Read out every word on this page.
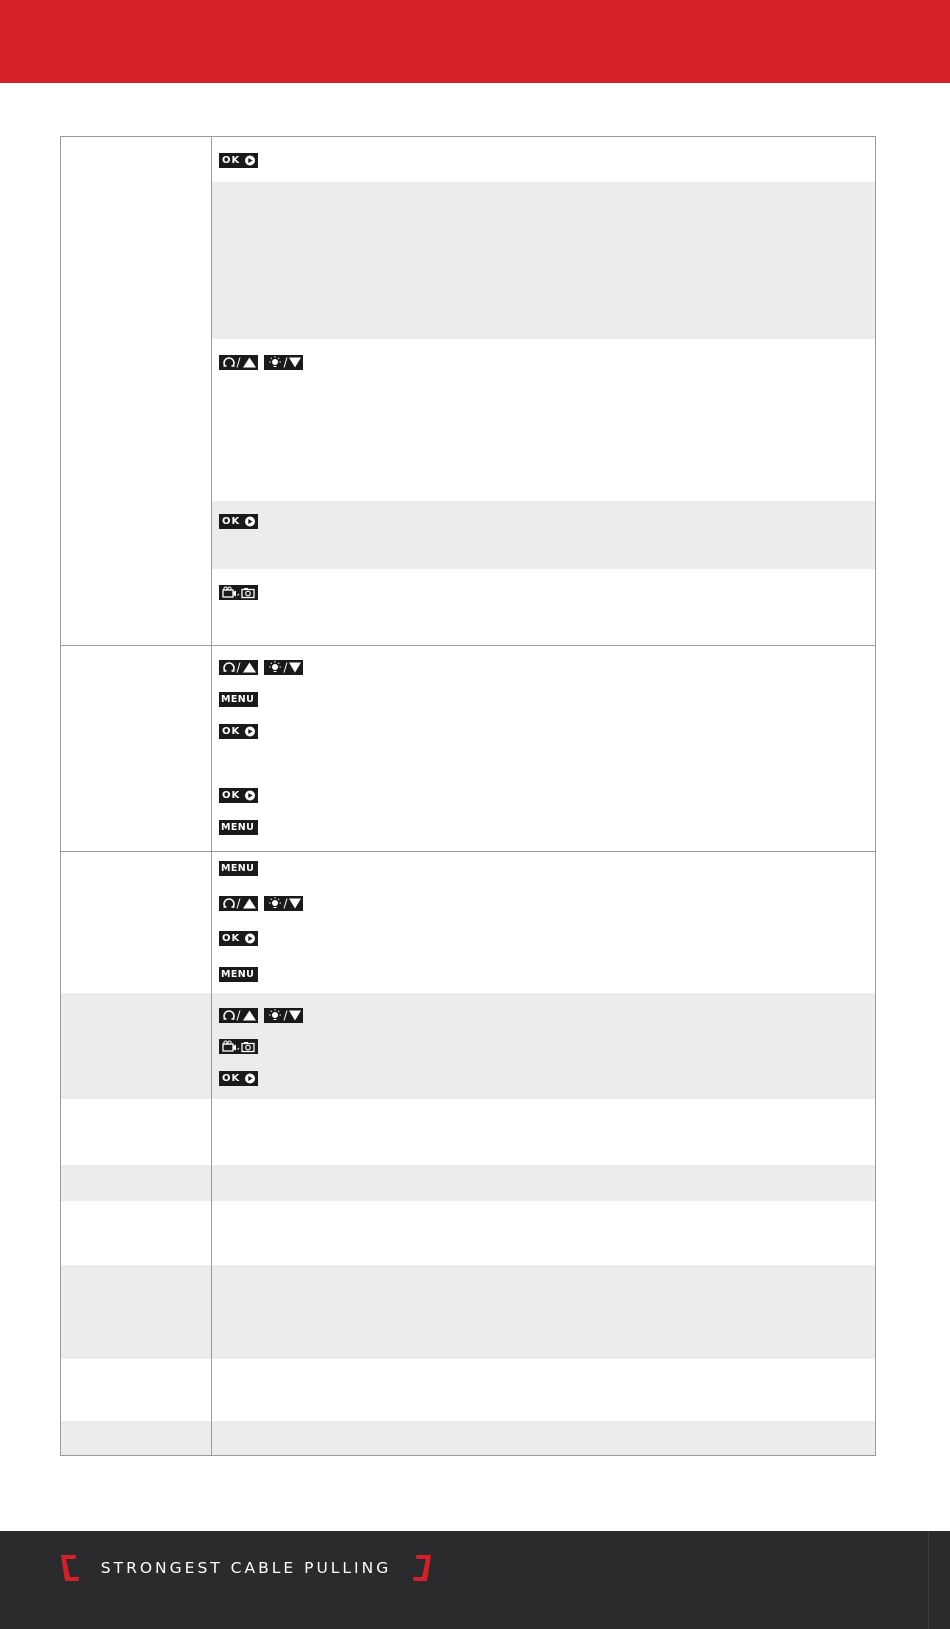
OK
OK
MENU
OK
OK
MENU
MENU
OK
MENU
OK
STRONGEST CABLE PULLING
